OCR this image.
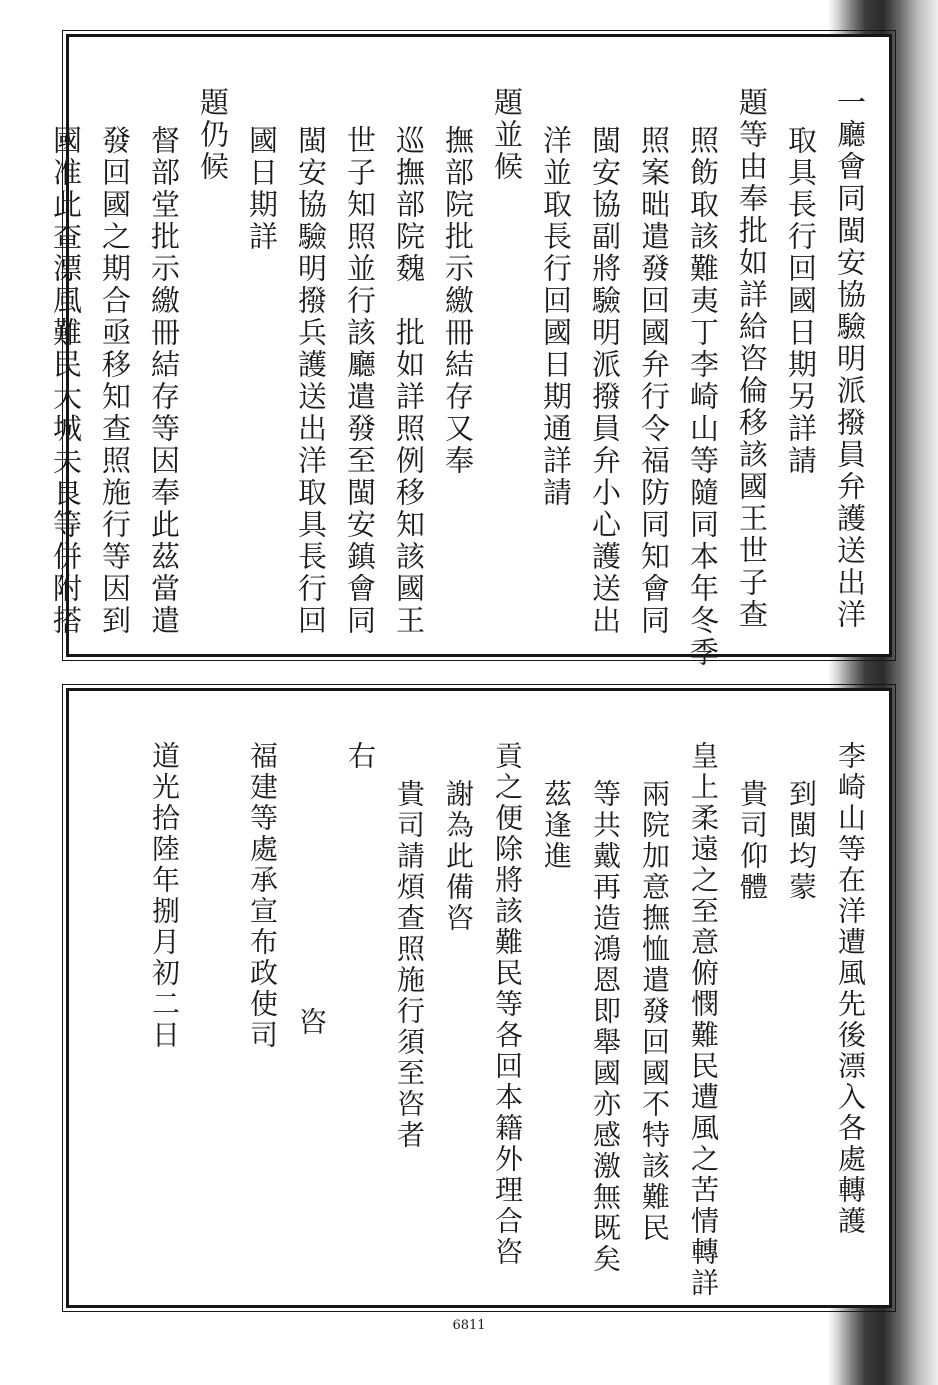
一廳會同閩安協驗明派撥員弁護送出洋
取具長行回國日期另詳請
題等由奉批如詳給咨倫移該國王世子查
照飭取該難夷丁李崎山等隨同本年冬季
照案昢遣發回國弁行令福防同知會同
閩安協副將驗明派撥員弁小心護送出
洋並取長行回國日期通詳請
題並候
撫部院批示繳冊結存又奉
巡撫部院魏　批如詳照例移知該國王
世子知照並行該廳遣發至閩安鎮會同
閩安協驗明撥兵護送出洋取具長行回
國日期詳
題仍候
督部堂批示繳冊結存等因奉此茲當遣
發回國之期合亟移知查照施行等因到
國准此查漂風難民大城夫良等併附搭
李崎山等在洋遭風先後漂入各處轉護
到閩均蒙
貴司仰體
皇上柔遠之至意俯憫難民遭風之苦情轉詳
兩院加意撫恤遣發回國不特該難民
等共戴再造鴻恩即舉國亦感激無既矣
茲逢進
貢之便除將該難民等各回本籍外理合咨
謝為此備咨
貴司請煩查照施行須至咨者
右
咨
福建等處承宣布政使司
道光拾陸年捌月初二日
6811
